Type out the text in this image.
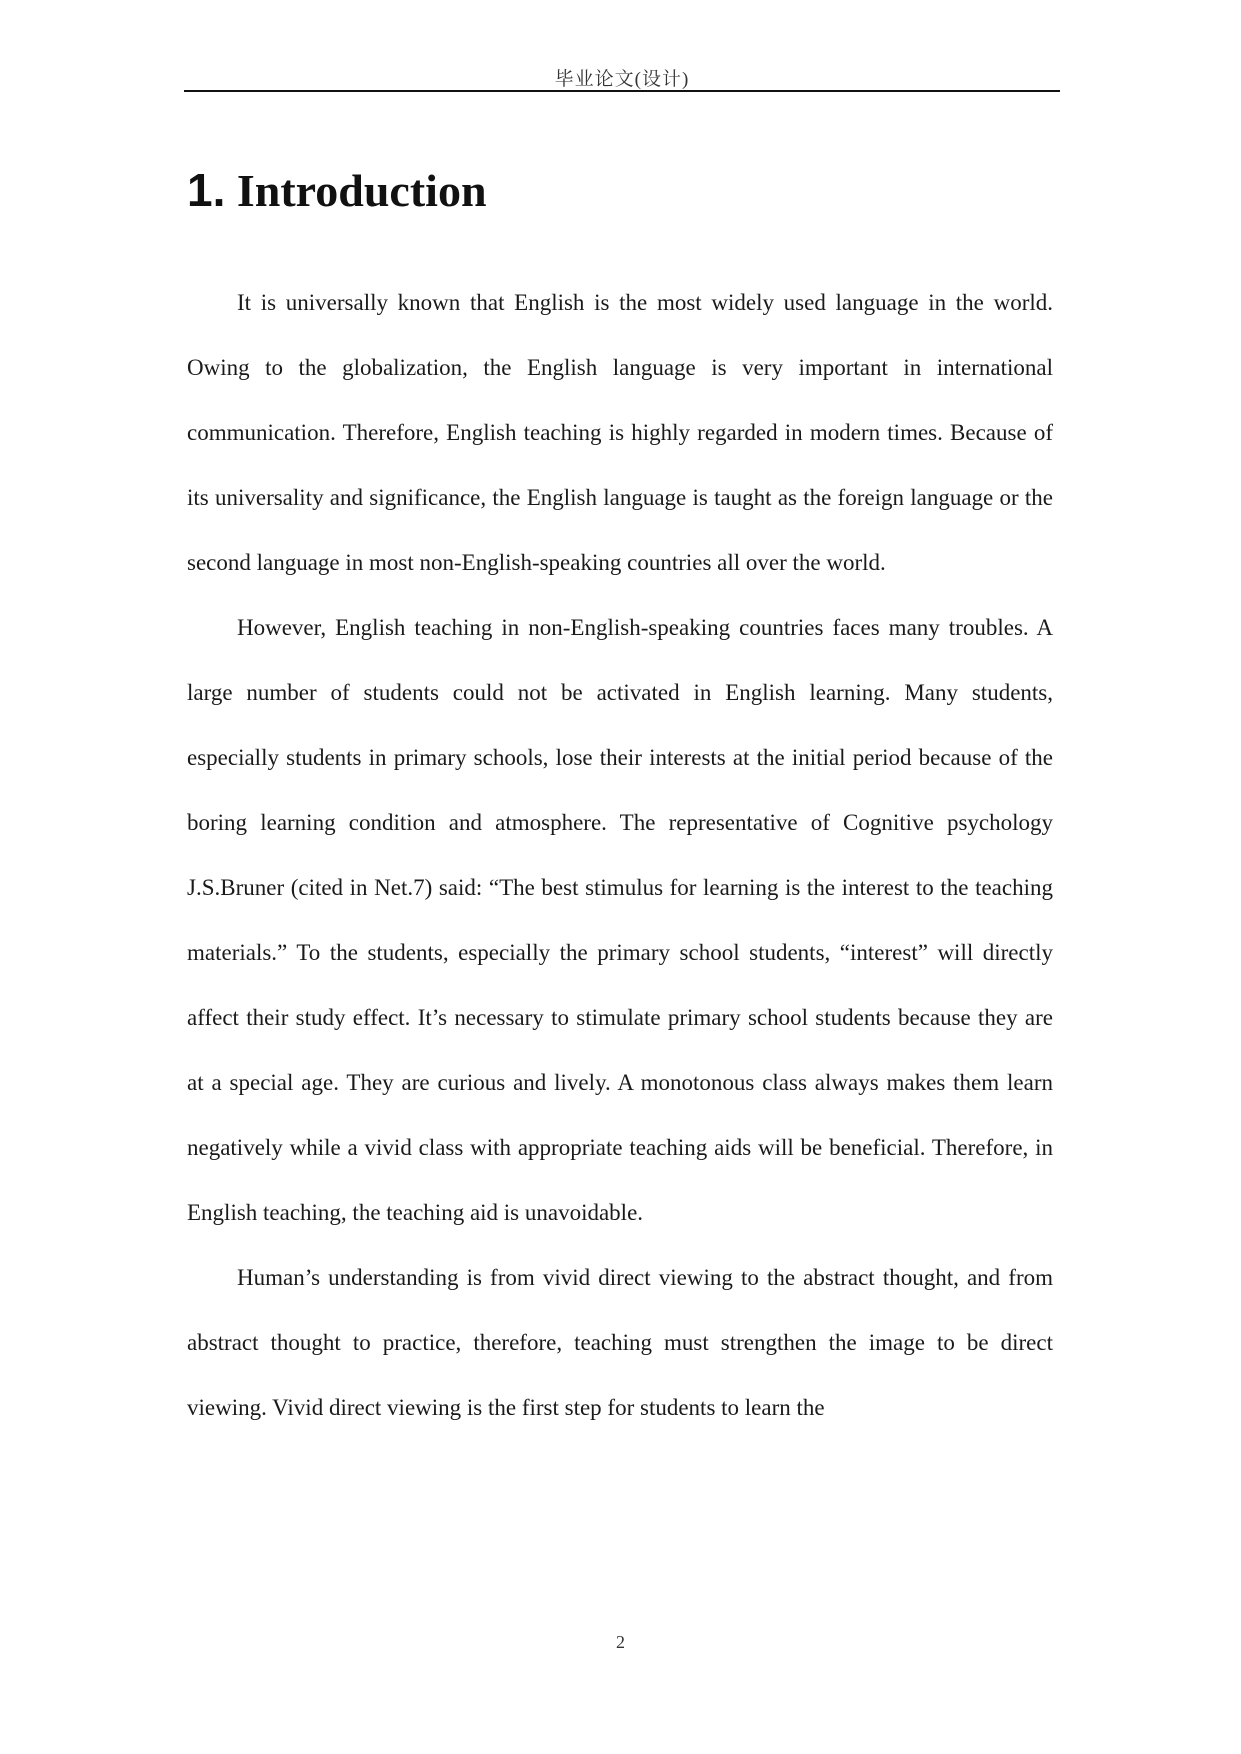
毕业论文(设计)
1. Introduction

It is universally known that English is the most widely used language in the world. Owing to the globalization, the English language is very important in international communication. Therefore, English teaching is highly regarded in modern times. Because of its universality and significance, the English language is taught as the foreign language or the second language in most non-English-speaking countries all over the world.

However, English teaching in non-English-speaking countries faces many troubles. A large number of students could not be activated in English learning. Many students, especially students in primary schools, lose their interests at the initial period because of the boring learning condition and atmosphere. The representative of Cognitive psychology J.S.Bruner (cited in Net.7) said: “The best stimulus for learning is the interest to the teaching materials.” To the students, especially the primary school students, “interest” will directly affect their study effect. It’s necessary to stimulate primary school students because they are at a special age. They are curious and lively. A monotonous class always makes them learn negatively while a vivid class with appropriate teaching aids will be beneficial. Therefore, in English teaching, the teaching aid is unavoidable.

Human’s understanding is from vivid direct viewing to the abstract thought, and from abstract thought to practice, therefore, teaching must strengthen the image to be direct viewing. Vivid direct viewing is the first step for students to learn the

2
